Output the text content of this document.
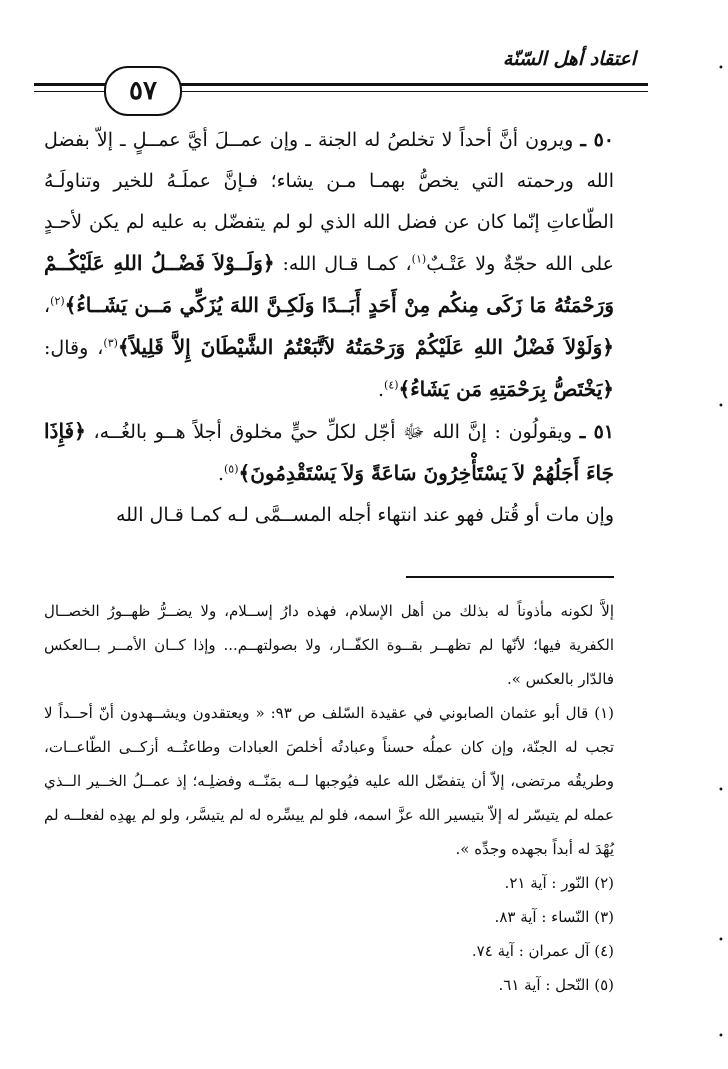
اعتقاد أهل السّنّة
٥٧

٥٠ ـ ويرون أنَّ أحداً لا تخلصُ له الجنة ـ وإن عمــلَ أيَّ عمــلٍ ـ إلاّ بفضل الله ورحمته التي يخصُّ بهمـا مـن يشاء؛ فـإنَّ عملَـهُ للخير وتناولَـهُ الطّاعاتِ إنّما كان عن فضل الله الذي لو لم يتفضّل به عليه لم يكن لأحـدٍ على الله حجّةٌ ولا عَتْـبٌ$^{(١)}$، كمـا قـال الله: ﴿وَلَــوْلاَ فَضْــلُ اللهِ عَلَيْكُــمْ وَرَحْمَتُهُ مَا زَكَى مِنكُم مِنْ أَحَدٍ أَبَــدًا وَلَكِـنَّ اللهَ يُزَكِّي مَــن يَشَــاءُ﴾$^{(٢)}$، ﴿وَلَوْلاَ فَضْلُ اللهِ عَلَيْكُمْ وَرَحْمَتُهُ لاَتَّبَعْتُمُ الشَّيْطَانَ إِلاَّ قَلِيلاً﴾$^{(٣)}$، وقال: ﴿يَخْتَصُّ بِرَحْمَتِهِ مَن يَشَاءُ﴾$^{(٤)}$.

٥١ ـ ويقولُون : إنَّ الله ﷻ أجّل لكلِّ حيٍّ مخلوق أجلاً هــو بالغُــه، ﴿فَإِذَا جَاءَ أَجَلُهُمْ لاَ يَسْتَأْخِرُونَ سَاعَةً وَلاَ يَسْتَقْدِمُونَ﴾$^{(٥)}$.

وإن مات أو قُتل فهو عند انتهاء أجله المســمَّى لـه كمـا قـال الله

إلاَّ لكونه مأذوناً له بذلك من أهل الإسلام، فهذه دارُ إســلام، ولا يضــرُّ ظهــورُ الخصــال الكفرية فيها؛ لأنّها لم تظهــر بقــوة الكفّــار، ولا بصولتهــم... وإذا كــان الأمــر بــالعكس فالدّار بالعكس ».

(١) قال أبو عثمان الصابوني في عقيدة السّلف ص ٩٣: « ويعتقدون ويشــهدون أنّ أحــداً لا تجب له الجنّة، وإن كان عملُه حسناً وعبادتُه أخلصَ العبادات وطاعتُــه أزكــى الطّاعــات، وطريقُه مرتضى، إلاّ أن يتفضّل الله عليه فيُوجبها لــه بمَنّــه وفضلِـه؛ إذ عمــلُ الخــير الــذي عمله لم يتيسّر له إلاّ بتيسير الله عزَّ اسمه، فلو لم ييسِّره له لم يتيسَّر، ولو لم يهدِه لفعلــه لم يُهْدَ له أبداً بجهده وجدِّه ».

(٢) النّور : آية ٢١.

(٣) النّساء : آية ٨٣.

(٤) آل عمران : آية ٧٤.

(٥) النّحل : آية ٦١.

•
•
•
•
•
